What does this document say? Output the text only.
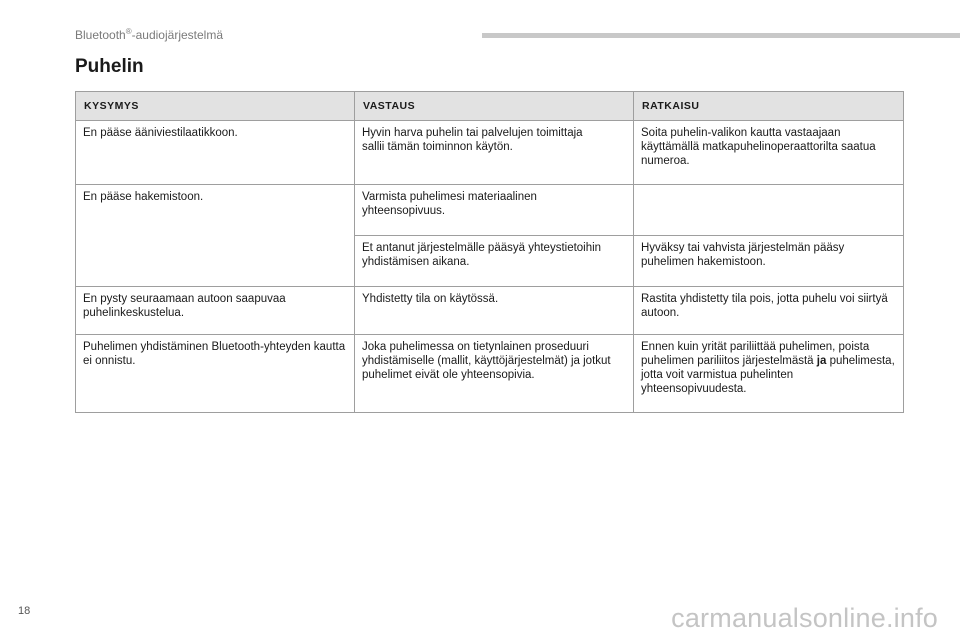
Bluetooth®-audiojärjestelmä
Puhelin
KYSYMYS	VASTAUS	RATKAISU
En pääse ääniviestilaatikkoon.	Hyvin harva puhelin tai palvelujen toimittaja
sallii tämän toiminnon käytön.	Soita puhelin-valikon kautta vastaajaan käyttämällä matkapuhelinoperaattorilta saatua numeroa.
En pääse hakemistoon.	Varmista puhelimesi materiaalinen
yhteensopivuus.	
	Et antanut järjestelmälle pääsyä yhteystietoihin yhdistämisen aikana.	Hyväksy tai vahvista järjestelmän pääsy puhelimen hakemistoon.
En pysty seuraamaan autoon saapuvaa puhelinkeskustelua.	Yhdistetty tila on käytössä.	Rastita yhdistetty tila pois, jotta puhelu voi siirtyä autoon.
Puhelimen yhdistäminen Bluetooth-yhteyden kautta ei onnistu.	Joka puhelimessa on tietynlainen proseduuri yhdistämiselle (mallit, käyttöjärjestelmät) ja jotkut puhelimet eivät ole yhteensopivia.	Ennen kuin yrität pariliittää puhelimen, poista puhelimen pariliitos järjestelmästä ja puhelimesta, jotta voit varmistua puhelinten yhteensopivuudesta.
18	carmanualsonline.info
